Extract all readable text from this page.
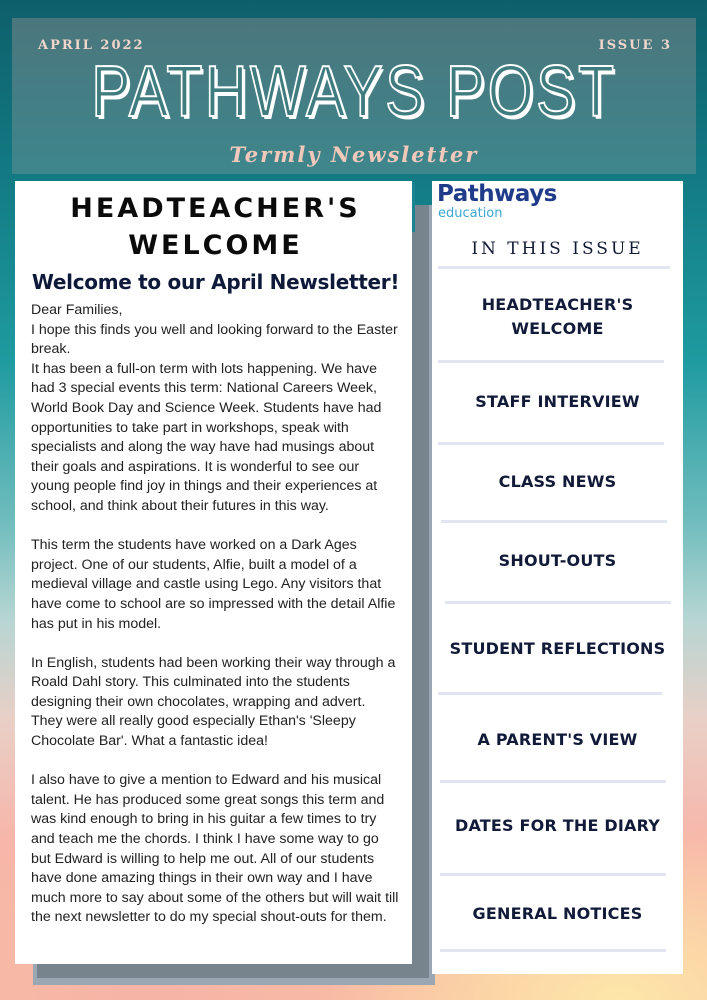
APRIL 2022	ISSUE 3
PATHWAYS POST
Termly Newsletter
HEADTEACHER'S
WELCOME
Welcome to our April Newsletter!

Dear Families,

I hope this finds you well and looking forward to the Easter break.

It has been a full-on term with lots happening. We have had 3 special events this term: National Careers Week, World Book Day and Science Week. Students have had opportunities to take part in workshops, speak with specialists and along the way have had musings about their goals and aspirations. It is wonderful to see our young people find joy in things and their experiences at school, and think about their futures in this way.

This term the students have worked on a Dark Ages project. One of our students, Alfie, built a model of a medieval village and castle using Lego. Any visitors that have come to school are so impressed with the detail Alfie has put in his model.

In English, students had been working their way through a Roald Dahl story. This culminated into the students designing their own chocolates, wrapping and advert. They were all really good especially Ethan's 'Sleepy Chocolate Bar'. What a fantastic idea!

I also have to give a mention to Edward and his musical talent. He has produced some great songs this term and was kind enough to bring in his guitar a few times to try and teach me the chords. I think I have some way to go but Edward is willing to help me out. All of our students have done amazing things in their own way and I have much more to say about some of the others but will wait till the next newsletter to do my special shout-outs for them.

Pathways
education
IN THIS ISSUE
HEADTEACHER'S
WELCOME
STAFF INTERVIEW
CLASS NEWS
SHOUT-OUTS
STUDENT REFLECTIONS
A PARENT'S VIEW
DATES FOR THE DIARY
GENERAL NOTICES
